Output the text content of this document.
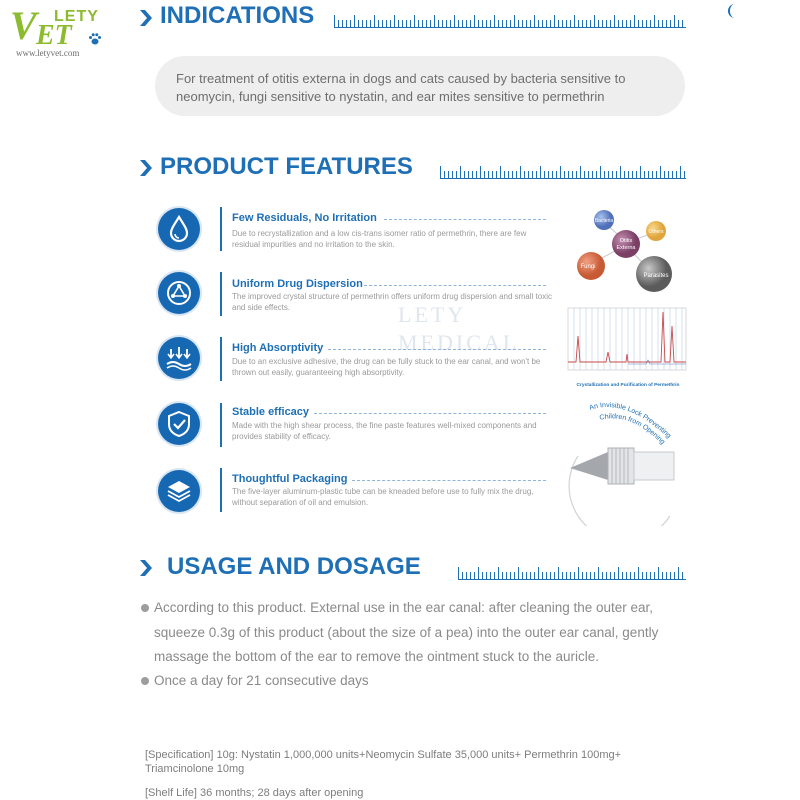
V ET
LETY
www.letyvet.com
INDICATIONS
For treatment of otitis externa in dogs and cats caused by bacteria sensitive to neomycin, fungi sensitive to nystatin, and ear mites sensitive to permethrin
PRODUCT FEATURES
LETY
MEDICAL
Few Residuals, No Irritation
Due to recrystallization and a low cis-trans isomer ratio of permethrin, there are few residual impurities and no irritation to the skin.
Uniform Drug Dispersion
The improved crystal structure of permethrin offers uniform drug dispersion and small toxic and side effects.
High Absorptivity
Due to an exclusive adhesive, the drug can be fully stuck to the ear canal, and won't be thrown out easily, guaranteeing high absorptivity.
Stable efficacy
Made with the high shear process, the fine paste features well-mixed components and provides stability of efficacy.
Thoughtful Packaging
The five-layer aluminum-plastic tube can be kneaded before use to fully mix the drug, without separation of oil and emulsion.
Bacteria
Otitis
Externa
Others
Fungi
Parasites
Crystallization and Purification of Permethrin
An Invisible Lock Preventing
Children from Opening
USAGE AND DOSAGE
According to this product. External use in the ear canal: after cleaning the outer ear,
squeeze 0.3g of this product (about the size of a pea) into the outer ear canal, gently
massage the bottom of the ear to remove the ointment stuck to the auricle.
Once a day for 21 consecutive days
[Specification] 10g: Nystatin 1,000,000 units+Neomycin Sulfate 35,000 units+ Permethrin 100mg+
Triamcinolone 10mg
[Shelf Life] 36 months; 28 days after opening
